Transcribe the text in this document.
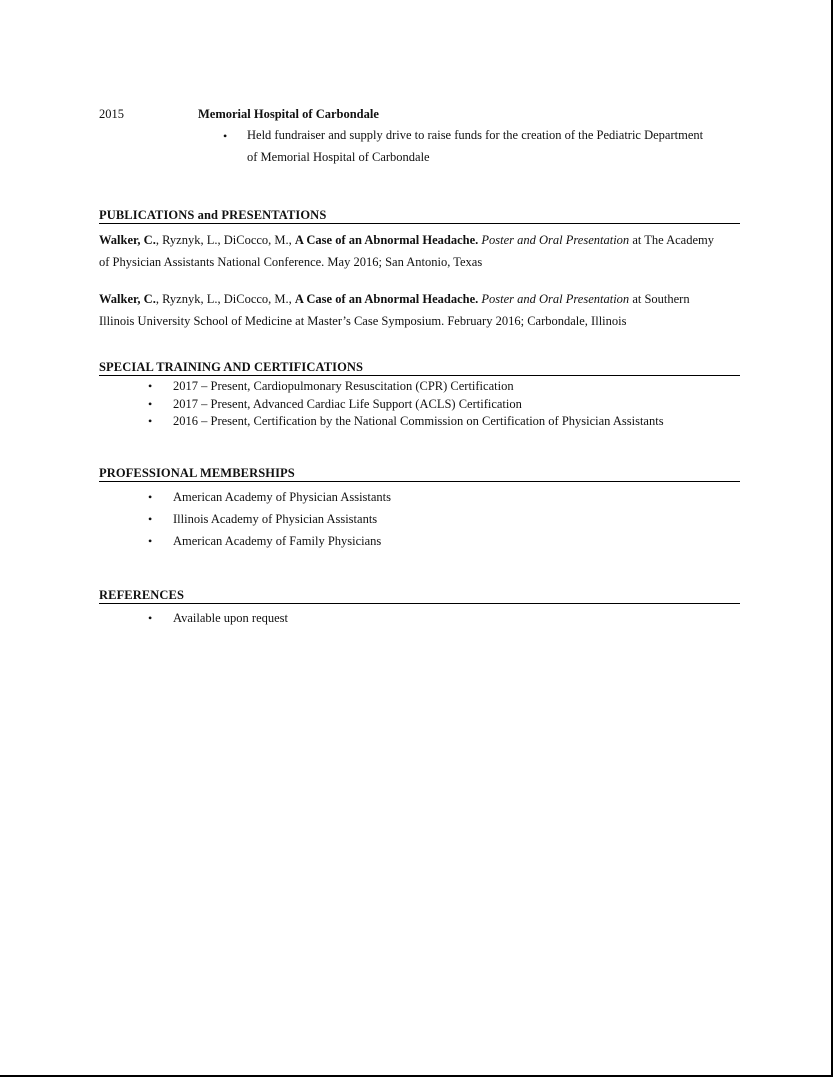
2015	Memorial Hospital of Carbondale
• Held fundraiser and supply drive to raise funds for the creation of the Pediatric Department
of Memorial Hospital of Carbondale
PUBLICATIONS and PRESENTATIONS
Walker, C., Ryznyk, L., DiCocco, M., A Case of an Abnormal Headache. Poster and Oral Presentation at The Academy
of Physician Assistants National Conference. May 2016; San Antonio, Texas
Walker, C., Ryznyk, L., DiCocco, M., A Case of an Abnormal Headache. Poster and Oral Presentation at Southern
Illinois University School of Medicine at Master’s Case Symposium. February 2016; Carbondale, Illinois
SPECIAL TRAINING AND CERTIFICATIONS
• 2017 – Present, Cardiopulmonary Resuscitation (CPR) Certification
• 2017 – Present, Advanced Cardiac Life Support (ACLS) Certification
• 2016 – Present, Certification by the National Commission on Certification of Physician Assistants
PROFESSIONAL MEMBERSHIPS
• American Academy of Physician Assistants
• Illinois Academy of Physician Assistants
• American Academy of Family Physicians
REFERENCES
• Available upon request
